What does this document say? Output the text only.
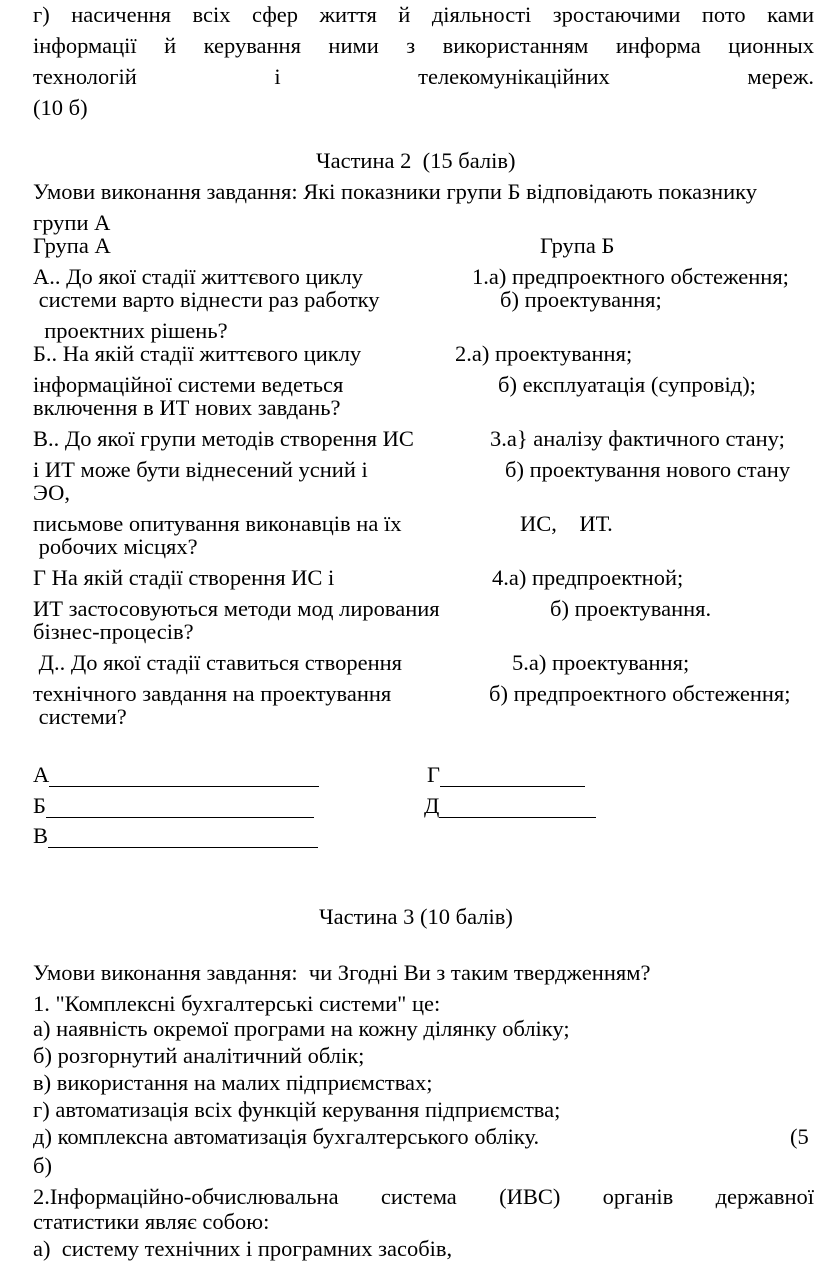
г) насичення всіх сфер життя й діяльності зростаючими пото ками
інформації й керування ними з використанням информа ционных
технологій і телекомунікаційних мереж.
(10 б)
Частина 2  (15 балів)
Умови виконання завдання: Які показники групи Б відповідають показнику
групи А
Група А	Група Б
А.. До якої стадії життєвого циклу	1.а) предпроектного обстеження;
системи варто віднести раз работку	б) проектування;
проектних рішень?
Б.. На якій стадії життєвого циклу	2.а) проектування;
інформаційної системи ведеться	б) експлуатація (супровід);
включення в ИТ нових завдань?
В.. До якої групи методів створення ИС	3.а} аналізу фактичного стану;
і ИТ може бути віднесений усний і	б) проектування нового стану
ЭО,
письмове опитування виконавців на їх	ИС,    ИТ.
робочих місцях?
Г На якій стадії створення ИС і	4.а) предпроектной;
ИТ застосовуються методи мод лирования	б) проектування.
бізнес-процесів?
Д.. До якої стадії ставиться створення	5.а) проектування;
технічного завдання на проектування	б) предпроектного обстеження;
системи?
А	Г
Б	Д
В
Частина 3 (10 балів)
Умови виконання завдання:  чи Згодні Ви з таким твердженням?
1. "Комплексні бухгалтерські системи" це:
а) наявність окремої програми на кожну ділянку обліку;
б) розгорнутий аналітичний облік;
в) використання на малих підприємствах;
г) автоматизація всіх функцій керування підприємства;
д) комплексна автоматизація бухгалтерського обліку.	(5
б)
2.Інформаційно-обчислювальна система (ИВС) органів державної
статистики являє собою:
а)  систему технічних і програмних засобів,
